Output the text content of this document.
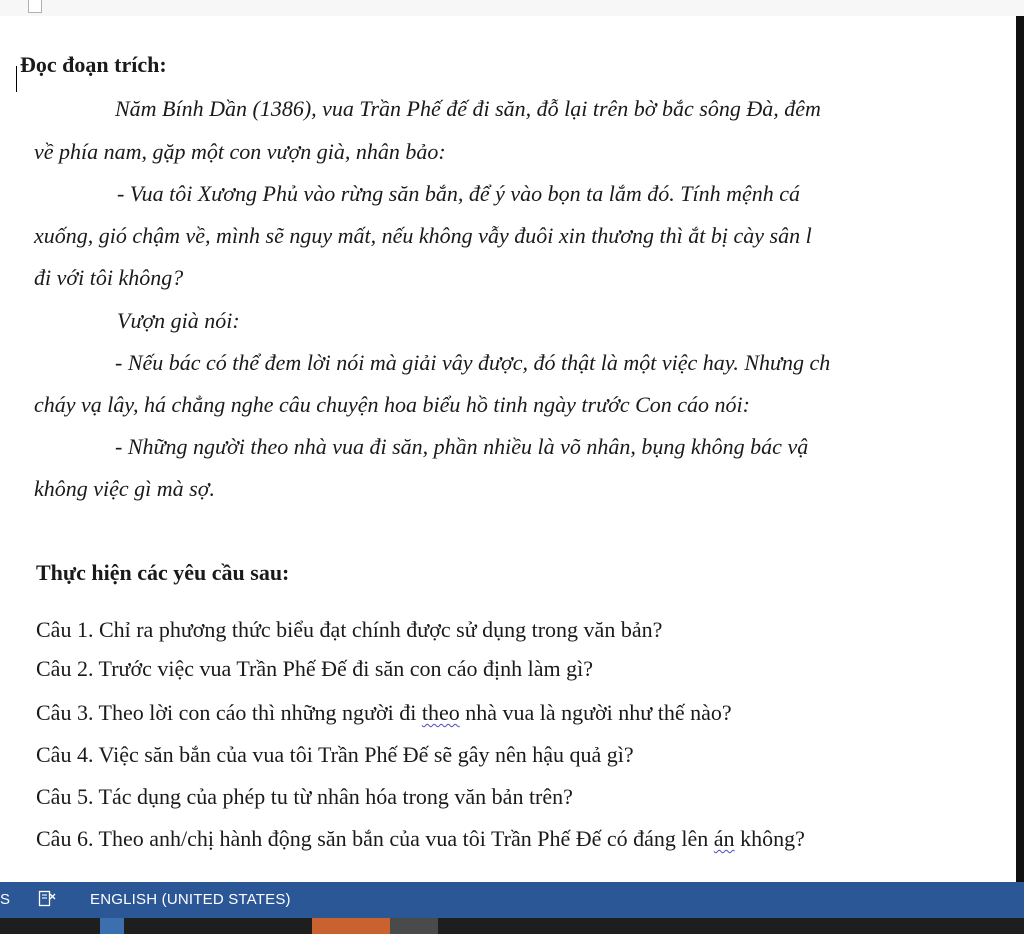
Đọc đoạn trích:
Năm Bính Dần (1386), vua Trần Phế đế đi săn, đỗ lại trên bờ bắc sông Đà, đêm
về phía nam, gặp một con vượn già, nhân bảo:
- Vua tôi Xương Phủ vào rừng săn bắn, để ý vào bọn ta lắm đó. Tính mệnh cá
xuống, gió chậm về, mình sẽ nguy mất, nếu không vẫy đuôi xin thương thì ắt bị cày sân l
đi với tôi không?
Vượn già nói:
- Nếu bác có thể đem lời nói mà giải vây được, đó thật là một việc hay. Nhưng ch
cháy vạ lây, há chẳng nghe câu chuyện hoa biểu hồ tinh ngày trước Con cáo nói:
- Những người theo nhà vua đi săn, phần nhiều là võ nhân, bụng không bác vậ
không việc gì mà sợ.
Thực hiện các yêu cầu sau:
Câu 1. Chỉ ra phương thức biểu đạt chính được sử dụng trong văn bản?
Câu 2. Trước việc vua Trần Phế Đế đi săn con cáo định làm gì?
Câu 3. Theo lời con cáo thì những người đi theo nhà vua là người như thế nào?
Câu 4. Việc săn bắn của vua tôi Trần Phế Đế sẽ gây nên hậu quả gì?
Câu 5. Tác dụng của phép tu từ nhân hóa trong văn bản trên?
Câu 6. Theo anh/chị hành động săn bắn của vua tôi Trần Phế Đế có đáng lên án không?
S	ENGLISH (UNITED STATES)
